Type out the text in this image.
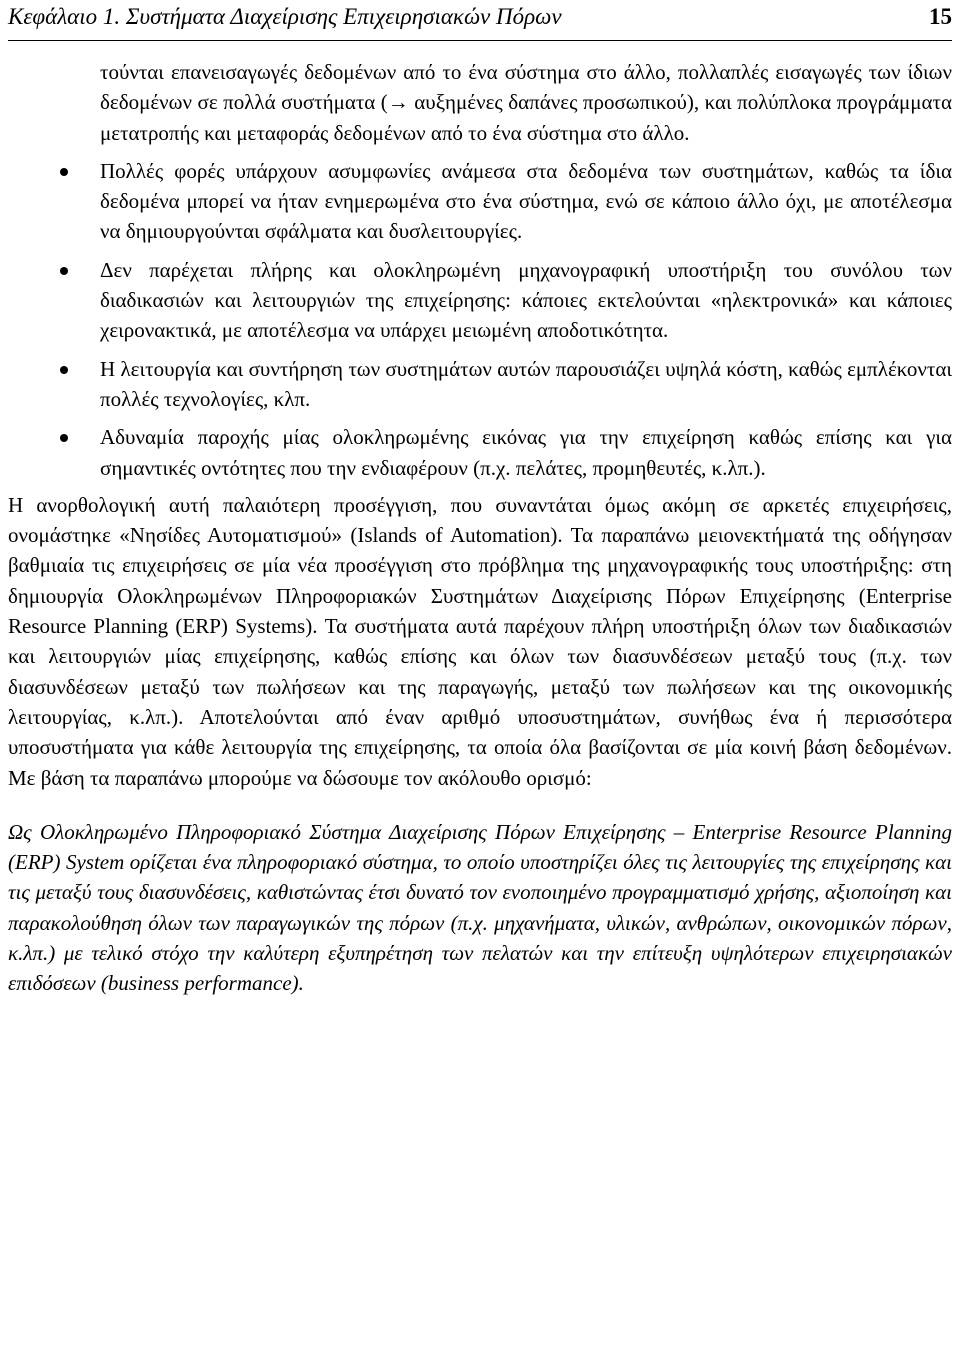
Κεφάλαιο 1. Συστήματα Διαχείρισης Επιχειρησιακών Πόρων	15

τούνται επανεισαγωγές δεδομένων από το ένα σύστημα στο άλλο, πολλαπλές εισαγωγές των ίδιων δεδομένων σε πολλά συστήματα (→ αυξημένες δαπάνες προσωπικού), και πολύπλοκα προγράμματα μετατροπής και μεταφοράς δεδομένων από το ένα σύστημα στο άλλο.

Πολλές φορές υπάρχουν ασυμφωνίες ανάμεσα στα δεδομένα των συστημάτων, καθώς τα ίδια δεδομένα μπορεί να ήταν ενημερωμένα στο ένα σύστημα, ενώ σε κάποιο άλλο όχι, με αποτέλεσμα να δημιουργούνται σφάλματα και δυσλειτουργίες.
Δεν παρέχεται πλήρης και ολοκληρωμένη μηχανογραφική υποστήριξη του συνόλου των διαδικασιών και λειτουργιών της επιχείρησης: κάποιες εκτελούνται «ηλεκτρονικά» και κάποιες χειρονακτικά, με αποτέλεσμα να υπάρχει μειωμένη αποδοτικότητα.
Η λειτουργία και συντήρηση των συστημάτων αυτών παρουσιάζει υψηλά κόστη, καθώς εμπλέκονται πολλές τεχνολογίες, κλπ.
Αδυναμία παροχής μίας ολοκληρωμένης εικόνας για την επιχείρηση καθώς επίσης και για σημαντικές οντότητες που την ενδιαφέρουν (π.χ. πελάτες, προμηθευτές, κ.λπ.).

Η ανορθολογική αυτή παλαιότερη προσέγγιση, που συναντάται όμως ακόμη σε αρκετές επιχειρήσεις, ονομάστηκε «Νησίδες Αυτοματισμού» (Islands of Automation). Τα παραπάνω μειονεκτήματά της οδήγησαν βαθμιαία τις επιχειρήσεις σε μία νέα προσέγγιση στο πρόβλημα της μηχανογραφικής τους υποστήριξης: στη δημιουργία Ολοκληρωμένων Πληροφοριακών Συστημάτων Διαχείρισης Πόρων Επιχείρησης (Enterprise Resource Planning (ERP) Systems). Τα συστήματα αυτά παρέχουν πλήρη υποστήριξη όλων των διαδικασιών και λειτουργιών μίας επιχείρησης, καθώς επίσης και όλων των διασυνδέσεων μεταξύ τους (π.χ. των διασυνδέσεων μεταξύ των πωλήσεων και της παραγωγής, μεταξύ των πωλήσεων και της οικονομικής λειτουργίας, κ.λπ.). Αποτελούνται από έναν αριθμό υποσυστημάτων, συνήθως ένα ή περισσότερα υποσυστήματα για κάθε λειτουργία της επιχείρησης, τα οποία όλα βασίζονται σε μία κοινή βάση δεδομένων. Με βάση τα παραπάνω μπορούμε να δώσουμε τον ακόλουθο ορισμό:

Ως Ολοκληρωμένο Πληροφοριακό Σύστημα Διαχείρισης Πόρων Επιχείρησης – Enterprise Resource Planning (ERP) System ορίζεται ένα πληροφοριακό σύστημα, το οποίο υποστηρίζει όλες τις λειτουργίες της επιχείρησης και τις μεταξύ τους διασυνδέσεις, καθιστώντας έτσι δυνατό τον ενοποιημένο προγραμματισμό χρήσης, αξιοποίηση και παρακολούθηση όλων των παραγωγικών της πόρων (π.χ. μηχανήματα, υλικών, ανθρώπων, οικονομικών πόρων, κ.λπ.) με τελικό στόχο την καλύτερη εξυπηρέτηση των πελατών και την επίτευξη υψηλότερων επιχειρησιακών επιδόσεων (business performance).
